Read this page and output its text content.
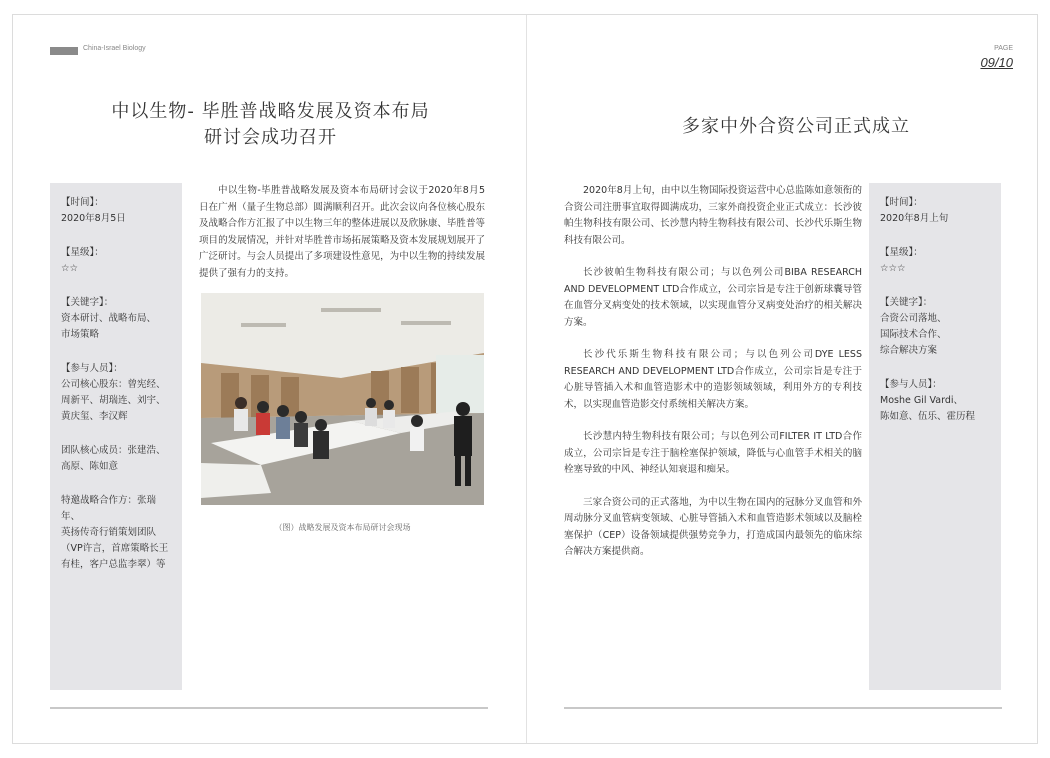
China-Israel Biology
中以生物- 毕胜普战略发展及资本布局
研讨会成功召开
【时间】：
2020年8月5日
【星级】：
☆☆
【关键字】：
资本研讨、战略布局、
市场策略
【参与人员】：
公司核心股东：曾宪经、
周新平、胡瑞连、刘宇、
黄庆玺、李汉辉
团队核心成员：张建浩、
高原、陈如意
特邀战略合作方：张瑞年、
英扬传奇行销策划团队
（VP许言，首席策略长王
有桂，客户总监李翠）等

中以生物-毕胜普战略发展及资本布局研讨会议于2020年8月5日在广州（量子生物总部）圆满顺利召开。此次会议向各位核心股东及战略合作方汇报了中以生物三年的整体进展以及欣脉康、毕胜普等项目的发展情况，并针对毕胜普市场拓展策略及资本发展规划展开了广泛研讨。与会人员提出了多项建设性意见，为中以生物的持续发展提供了强有力的支持。

（图）战略发展及资本布局研讨会现场
PAGE
09/10
多家中外合资公司正式成立

2020年8月上旬，由中以生物国际投资运营中心总监陈如意领衔的合资公司注册事宜取得圆满成功，三家外商投资企业正式成立：长沙彼帕生物科技有限公司、长沙慧内特生物科技有限公司、长沙代乐斯生物科技有限公司。

长沙彼帕生物科技有限公司；与以色列公司BIBA RESEARCH AND DEVELOPMENT LTD合作成立，公司宗旨是专注于创新球囊导管在血管分叉病变处的技术领域，以实现血管分叉病变处治疗的相关解决方案。

长沙代乐斯生物科技有限公司；与以色列公司DYE LESS RESEARCH AND DEVELOPMENT LTD合作成立，公司宗旨是专注于心脏导管插入术和血管造影术中的造影领域领域，利用外方的专利技术，以实现血管造影交付系统相关解决方案。

长沙慧内特生物科技有限公司；与以色列公司FILTER IT LTD合作成立，公司宗旨是专注于脑栓塞保护领域，降低与心血管手术相关的脑栓塞导致的中风、神经认知衰退和痴呆。

三家合资公司的正式落地，为中以生物在国内的冠脉分叉血管和外周动脉分叉血管病变领域、心脏导管插入术和血管造影术领域以及脑栓塞保护（CEP）设备领域提供强势竞争力，打造成国内最领先的临床综合解决方案提供商。

【时间】：
2020年8月上旬
【星级】：
☆☆☆
【关键字】：
合资公司落地、
国际技术合作、
综合解决方案
【参与人员】：
Moshe Gil Vardi、
陈如意、伍乐、霍历程
